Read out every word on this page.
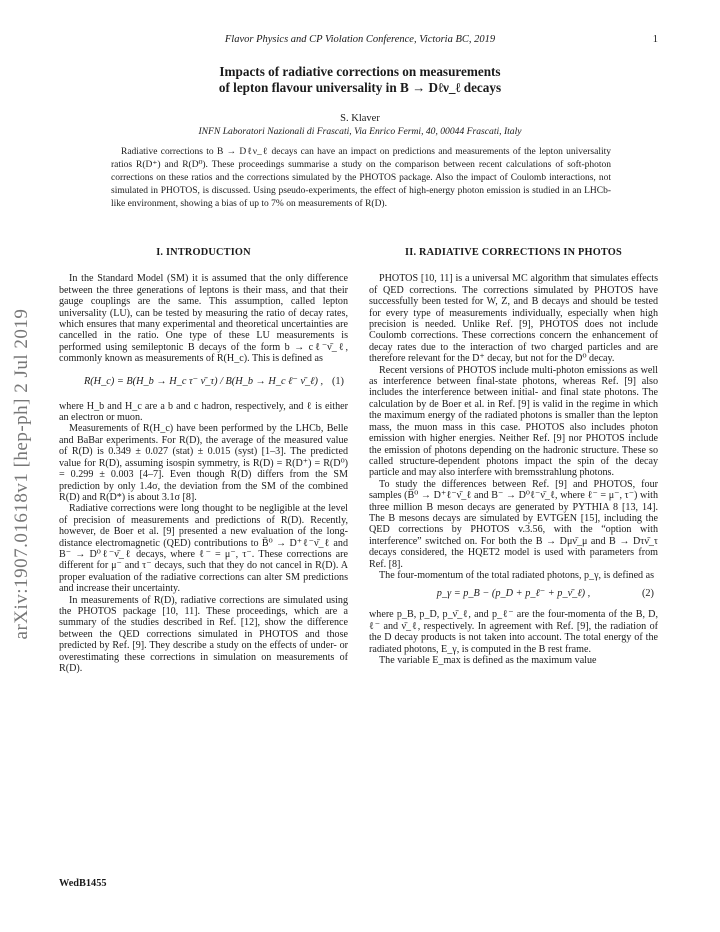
Flavor Physics and CP Violation Conference, Victoria BC, 2019	1
arXiv:1907.01618v1 [hep-ph] 2 Jul 2019
Impacts of radiative corrections on measurements
of lepton flavour universality in B → Dℓν_ℓ decays
S. Klaver
INFN Laboratori Nazionali di Frascati, Via Enrico Fermi, 40, 00044 Frascati, Italy

Radiative corrections to B → Dℓν_ℓ decays can have an impact on predictions and measurements of the lepton universality ratios R(D⁺) and R(D⁰). These proceedings summarise a study on the comparison between recent calculations of soft-photon corrections on these ratios and the corrections simulated by the PHOTOS package. Also the impact of Coulomb interactions, not simulated in PHOTOS, is discussed. Using pseudo-experiments, the effect of high-energy photon emission is studied in an LHCb-like environment, showing a bias of up to 7% on measurements of R(D).

I. INTRODUCTION

In the Standard Model (SM) it is assumed that the only difference between the three generations of leptons is their mass, and that their gauge couplings are the same. This assumption, called lepton universality (LU), can be tested by measuring the ratio of decay rates, which ensures that many experimental and theoretical uncertainties are cancelled in the ratio. One type of these LU measurements is performed using semileptonic B decays of the form b → cℓ⁻ν̄_ℓ, commonly known as measurements of R(H_c). This is defined as

R(H_c) = B(H_b → H_c τ⁻ ν̄_τ) / B(H_b → H_c ℓ⁻ ν̄_ℓ) , (1)

where H_b and H_c are a b and c hadron, respectively, and ℓ is either an electron or muon.

Measurements of R(H_c) have been performed by the LHCb, Belle and BaBar experiments. For R(D), the average of the measured value of R(D) is 0.349 ± 0.027 (stat) ± 0.015 (syst) [1–3]. The predicted value for R(D), assuming isospin symmetry, is R(D) = R(D⁺) = R(D⁰) = 0.299 ± 0.003 [4–7]. Even though R(D) differs from the SM prediction by only 1.4σ, the deviation from the SM of the combined R(D) and R(D*) is about 3.1σ [8].

Radiative corrections were long thought to be negligible at the level of precision of measurements and predictions of R(D). Recently, however, de Boer et al. [9] presented a new evaluation of the long-distance electromagnetic (QED) contributions to B̄⁰ → D⁺ℓ⁻ν̄_ℓ and B⁻ → D⁰ℓ⁻ν̄_ℓ decays, where ℓ⁻ = μ⁻, τ⁻. These corrections are different for μ⁻ and τ⁻ decays, such that they do not cancel in R(D). A proper evaluation of the radiative corrections can alter SM predictions and increase their uncertainty.

In measurements of R(D), radiative corrections are simulated using the PHOTOS package [10, 11]. These proceedings, which are a summary of the studies described in Ref. [12], show the difference between the QED corrections simulated in PHOTOS and those predicted by Ref. [9]. They describe a study on the effects of under- or overestimating these corrections in simulation on measurements of R(D).

II. RADIATIVE CORRECTIONS IN PHOTOS

PHOTOS [10, 11] is a universal MC algorithm that simulates effects of QED corrections. The corrections simulated by PHOTOS have successfully been tested for W, Z, and B decays and should be tested for every type of measurements individually, especially when high precision is needed. Unlike Ref. [9], PHOTOS does not include Coulomb corrections. These corrections concern the enhancement of decay rates due to the interaction of two charged particles and are therefore relevant for the D⁺ decay, but not for the D⁰ decay.

Recent versions of PHOTOS include multi-photon emissions as well as interference between final-state photons, whereas Ref. [9] also includes the interference between initial- and final state photons. The calculation by de Boer et al. in Ref. [9] is valid in the regime in which the maximum energy of the radiated photons is smaller than the lepton mass, the muon mass in this case. PHOTOS also includes photon emission with higher energies. Neither Ref. [9] nor PHOTOS include the emission of photons depending on the hadronic structure. These so called structure-dependent photons impact the spin of the decay particle and may also interfere with bremsstrahlung photons.

To study the differences between Ref. [9] and PHOTOS, four samples (B̄⁰ → D⁺ℓ⁻ν̄_ℓ and B⁻ → D⁰ℓ⁻ν̄_ℓ, where ℓ⁻ = μ⁻, τ⁻) with three million B meson decays are generated by PYTHIA 8 [13, 14]. The B mesons decays are simulated by EVTGEN [15], including the QED corrections by PHOTOS v.3.56, with the “option with interference” switched on. For both the B → Dμν̄_μ and B → Dτν̄_τ decays considered, the HQET2 model is used with parameters from Ref. [8].

The four-momentum of the total radiated photons, p_γ, is defined as

p_γ = p_B − (p_D + p_ℓ⁻ + p_ν̄_ℓ) ,	(2)

where p_B, p_D, p_ν̄_ℓ, and p_ℓ⁻ are the four-momenta of the B, D, ℓ⁻ and ν̄_ℓ, respectively. In agreement with Ref. [9], the radiation of the D decay products is not taken into account. The total energy of the radiated photons, E_γ, is computed in the B rest frame.

The variable E_max is defined as the maximum value

WedB1455
